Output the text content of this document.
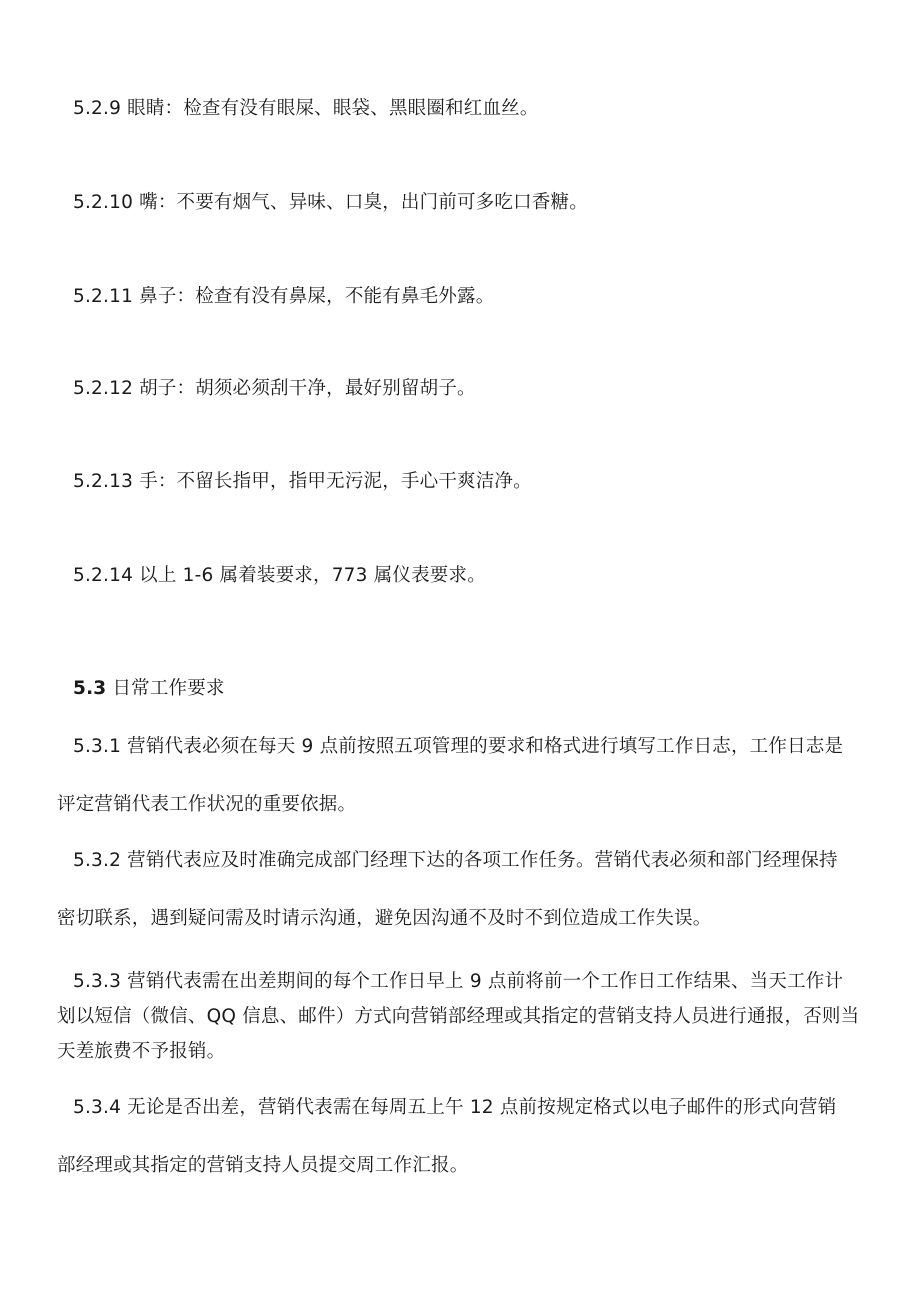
5.2.9 眼睛：检查有没有眼屎、眼袋、黑眼圈和红血丝。
5.2.10 嘴：不要有烟气、异味、口臭，出门前可多吃口香糖。
5.2.11 鼻子：检查有没有鼻屎，不能有鼻毛外露。
5.2.12 胡子：胡须必须刮干净，最好别留胡子。
5.2.13 手：不留长指甲，指甲无污泥，手心干爽洁净。
5.2.14 以上 1-6 属着装要求，773 属仪表要求。
5.3 日常工作要求
5.3.1 营销代表必须在每天 9 点前按照五项管理的要求和格式进行填写工作日志，工作日志是
评定营销代表工作状况的重要依据。
5.3.2 营销代表应及时准确完成部门经理下达的各项工作任务。营销代表必须和部门经理保持
密切联系，遇到疑问需及时请示沟通，避免因沟通不及时不到位造成工作失误。
5.3.3 营销代表需在出差期间的每个工作日早上 9 点前将前一个工作日工作结果、当天工作计
划以短信（微信、QQ 信息、邮件）方式向营销部经理或其指定的营销支持人员进行通报，否则当
天差旅费不予报销。
5.3.4 无论是否出差，营销代表需在每周五上午 12 点前按规定格式以电子邮件的形式向营销
部经理或其指定的营销支持人员提交周工作汇报。
